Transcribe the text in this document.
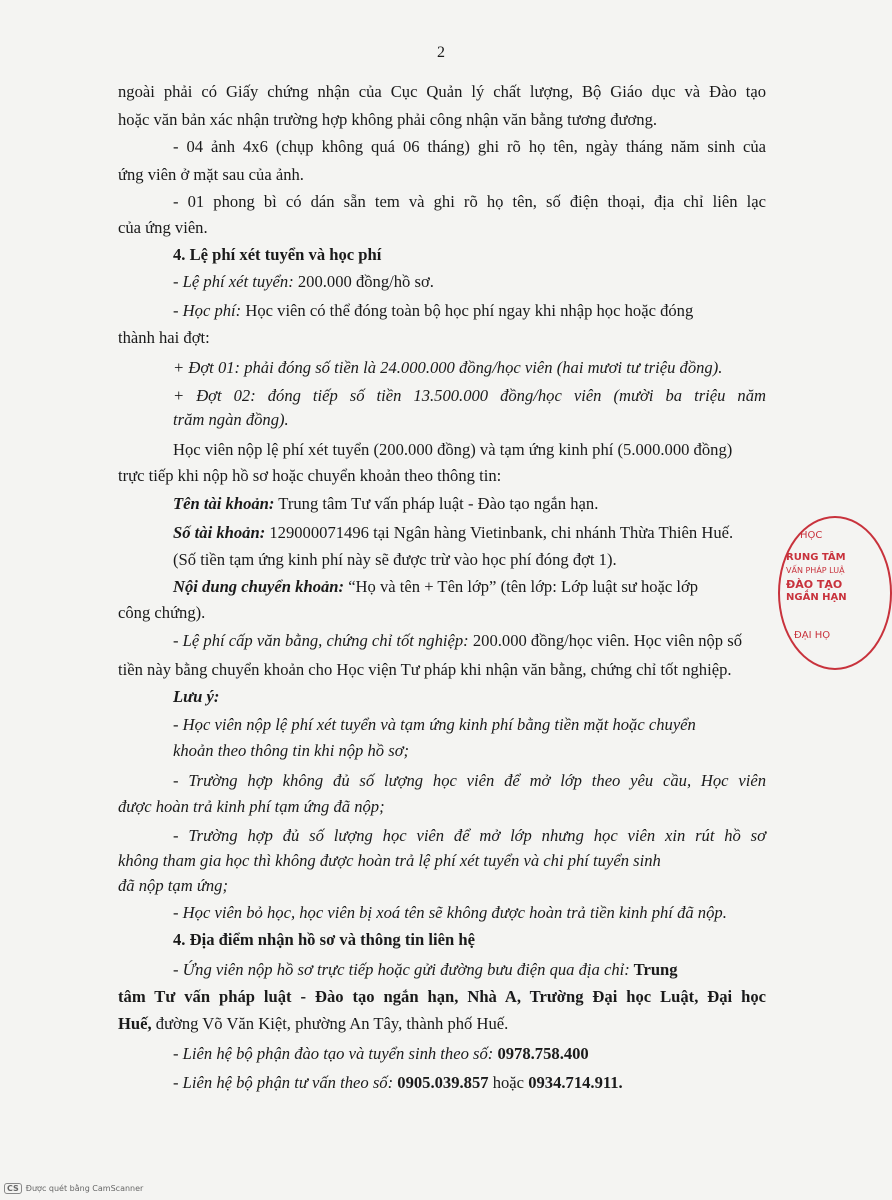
2
ngoài phải có Giấy chứng nhận của Cục Quản lý chất lượng, Bộ Giáo dục và Đào tạo
hoặc văn bản xác nhận trường hợp không phải công nhận văn bằng tương đương.
- 04 ảnh 4x6 (chụp không quá 06 tháng) ghi rõ họ tên, ngày tháng năm sinh của
ứng viên ở mặt sau của ảnh.
- 01 phong bì có dán sẵn tem và ghi rõ họ tên, số điện thoại, địa chỉ liên lạc
của ứng viên.
4. Lệ phí xét tuyển và học phí
- Lệ phí xét tuyển: 200.000 đồng/hồ sơ.
- Học phí: Học viên có thể đóng toàn bộ học phí ngay khi nhập học hoặc đóng
thành hai đợt:
+ Đợt 01: phải đóng số tiền là 24.000.000 đồng/học viên (hai mươi tư triệu đồng).
+ Đợt 02: đóng tiếp số tiền 13.500.000 đồng/học viên (mười ba triệu năm
trăm ngàn đồng).
Học viên nộp lệ phí xét tuyển (200.000 đồng) và tạm ứng kinh phí (5.000.000 đồng)
trực tiếp khi nộp hồ sơ hoặc chuyển khoản theo thông tin:
Tên tài khoản: Trung tâm Tư vấn pháp luật - Đào tạo ngắn hạn.
Số tài khoản: 129000071496 tại Ngân hàng Vietinbank, chi nhánh Thừa Thiên Huế.
(Số tiền tạm ứng kinh phí này sẽ được trừ vào học phí đóng đợt 1).
Nội dung chuyển khoản: “Họ và tên + Tên lớp” (tên lớp: Lớp luật sư hoặc lớp
công chứng).
- Lệ phí cấp văn bằng, chứng chỉ tốt nghiệp: 200.000 đồng/học viên. Học viên nộp số
tiền này bằng chuyển khoản cho Học viện Tư pháp khi nhận văn bằng, chứng chỉ tốt nghiệp.
Lưu ý:
- Học viên nộp lệ phí xét tuyển và tạm ứng kinh phí bằng tiền mặt hoặc chuyển
khoản theo thông tin khi nộp hồ sơ;
- Trường hợp không đủ số lượng học viên để mở lớp theo yêu cầu, Học viên
được hoàn trả kinh phí tạm ứng đã nộp;
- Trường hợp đủ số lượng học viên để mở lớp nhưng học viên xin rút hồ sơ
không tham gia học thì không được hoàn trả lệ phí xét tuyển và chi phí tuyển sinh
đã nộp tạm ứng;
- Học viên bỏ học, học viên bị xoá tên sẽ không được hoàn trả tiền kinh phí đã nộp.
4. Địa điểm nhận hồ sơ và thông tin liên hệ
- Ứng viên nộp hồ sơ trực tiếp hoặc gửi đường bưu điện qua địa chỉ: Trung
tâm Tư vấn pháp luật - Đào tạo ngắn hạn, Nhà A, Trường Đại học Luật, Đại học
Huế, đường Võ Văn Kiệt, phường An Tây, thành phố Huế.
- Liên hệ bộ phận đào tạo và tuyển sinh theo số: 0978.758.400
- Liên hệ bộ phận tư vấn theo số: 0905.039.857 hoặc 0934.714.911.
HỌC
RUNG TÂM
VẤN PHÁP LUẬ
ĐÀO TẠO
NGẮN HẠN
ĐẠI HỌ
CS Được quét bằng CamScanner
